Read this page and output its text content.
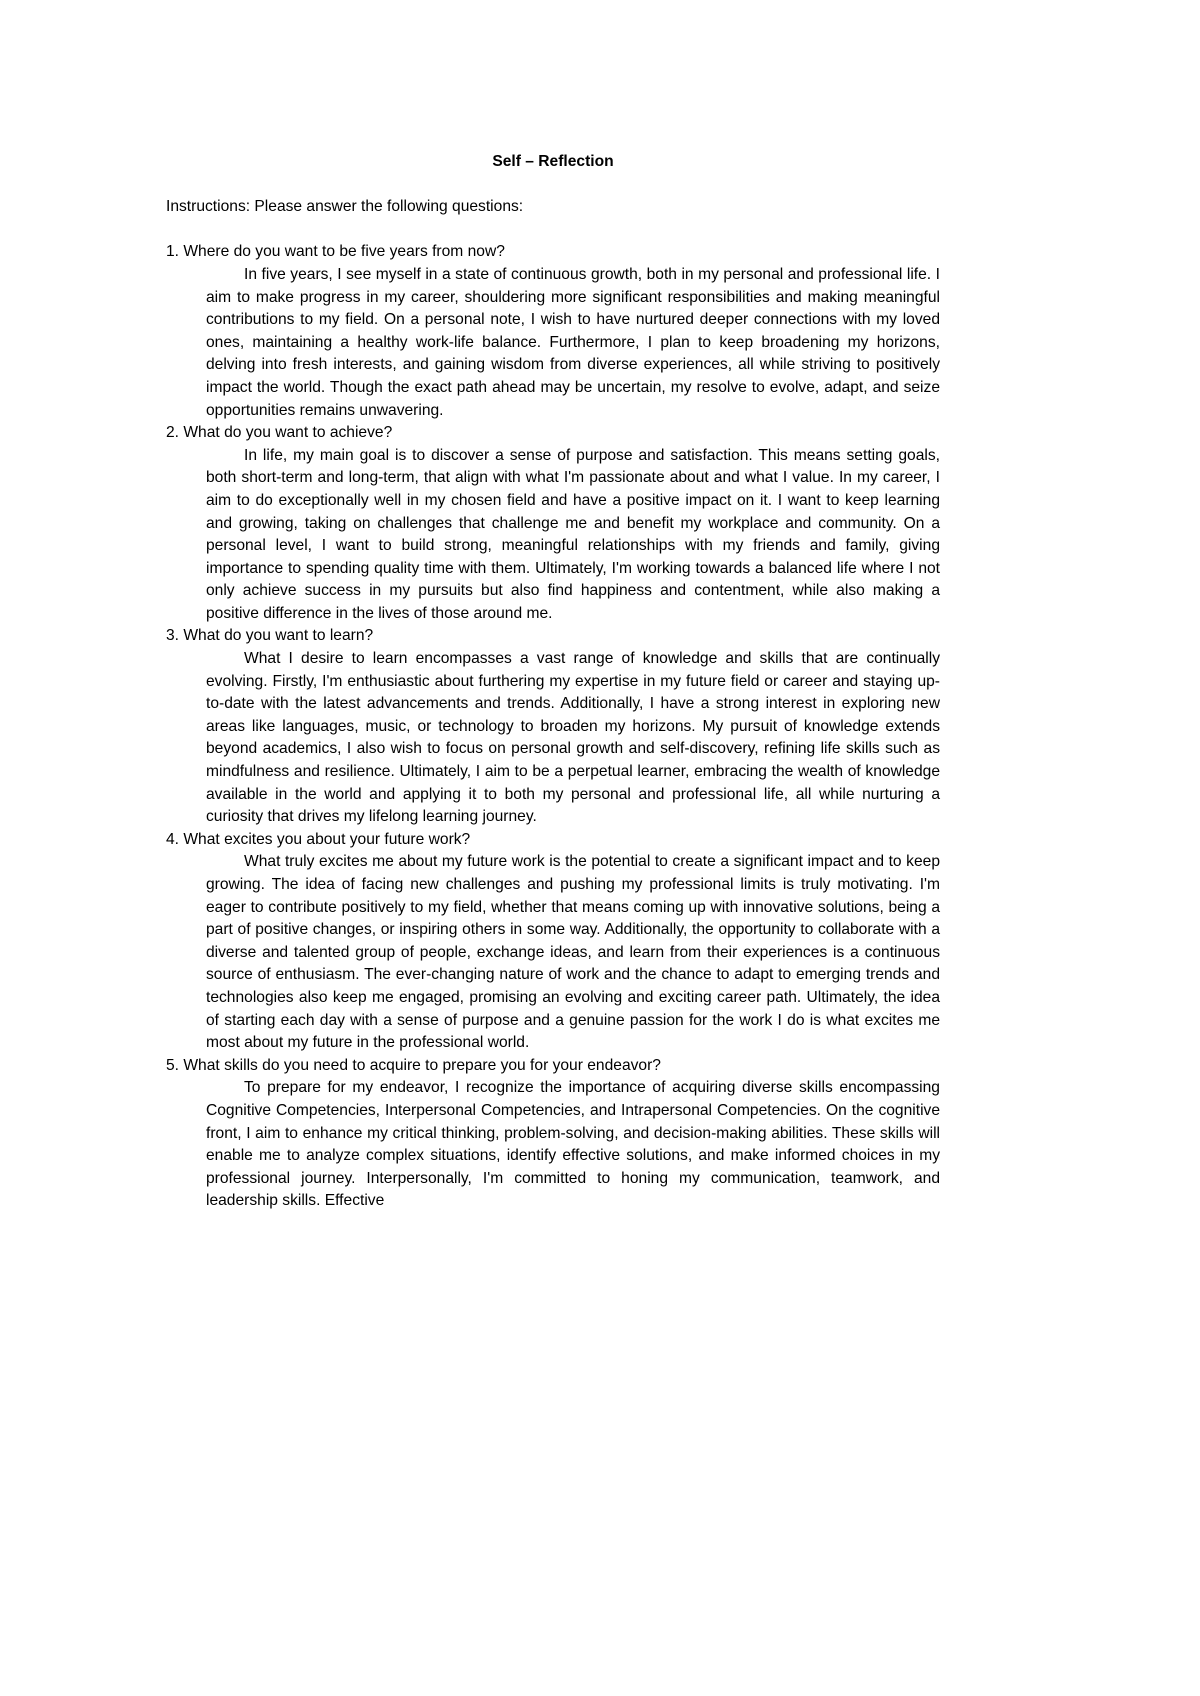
Self – Reflection

Instructions: Please answer the following questions:

1. Where do you want to be five years from now?

In five years, I see myself in a state of continuous growth, both in my personal and professional life. I aim to make progress in my career, shouldering more significant responsibilities and making meaningful contributions to my field. On a personal note, I wish to have nurtured deeper connections with my loved ones, maintaining a healthy work-life balance. Furthermore, I plan to keep broadening my horizons, delving into fresh interests, and gaining wisdom from diverse experiences, all while striving to positively impact the world. Though the exact path ahead may be uncertain, my resolve to evolve, adapt, and seize opportunities remains unwavering.

2. What do you want to achieve?

In life, my main goal is to discover a sense of purpose and satisfaction. This means setting goals, both short-term and long-term, that align with what I'm passionate about and what I value. In my career, I aim to do exceptionally well in my chosen field and have a positive impact on it. I want to keep learning and growing, taking on challenges that challenge me and benefit my workplace and community. On a personal level, I want to build strong, meaningful relationships with my friends and family, giving importance to spending quality time with them. Ultimately, I'm working towards a balanced life where I not only achieve success in my pursuits but also find happiness and contentment, while also making a positive difference in the lives of those around me.

3. What do you want to learn?

What I desire to learn encompasses a vast range of knowledge and skills that are continually evolving. Firstly, I'm enthusiastic about furthering my expertise in my future field or career and staying up-to-date with the latest advancements and trends. Additionally, I have a strong interest in exploring new areas like languages, music, or technology to broaden my horizons. My pursuit of knowledge extends beyond academics, I also wish to focus on personal growth and self-discovery, refining life skills such as mindfulness and resilience. Ultimately, I aim to be a perpetual learner, embracing the wealth of knowledge available in the world and applying it to both my personal and professional life, all while nurturing a curiosity that drives my lifelong learning journey.

4. What excites you about your future work?

What truly excites me about my future work is the potential to create a significant impact and to keep growing. The idea of facing new challenges and pushing my professional limits is truly motivating. I'm eager to contribute positively to my field, whether that means coming up with innovative solutions, being a part of positive changes, or inspiring others in some way. Additionally, the opportunity to collaborate with a diverse and talented group of people, exchange ideas, and learn from their experiences is a continuous source of enthusiasm. The ever-changing nature of work and the chance to adapt to emerging trends and technologies also keep me engaged, promising an evolving and exciting career path. Ultimately, the idea of starting each day with a sense of purpose and a genuine passion for the work I do is what excites me most about my future in the professional world.

5. What skills do you need to acquire to prepare you for your endeavor?

To prepare for my endeavor, I recognize the importance of acquiring diverse skills encompassing Cognitive Competencies, Interpersonal Competencies, and Intrapersonal Competencies. On the cognitive front, I aim to enhance my critical thinking, problem-solving, and decision-making abilities. These skills will enable me to analyze complex situations, identify effective solutions, and make informed choices in my professional journey. Interpersonally, I'm committed to honing my communication, teamwork, and leadership skills. Effective
